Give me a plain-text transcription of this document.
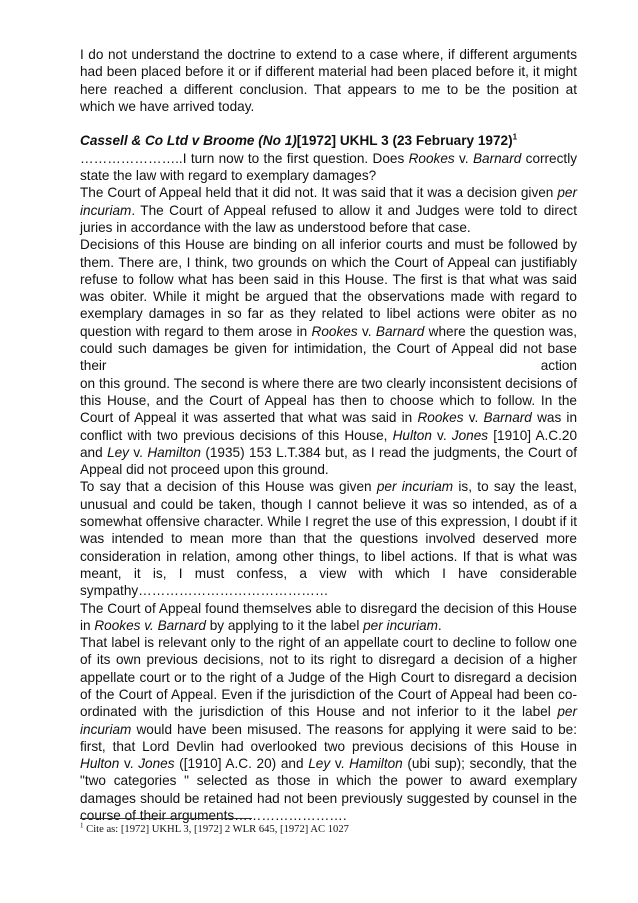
I do not understand the doctrine to extend to a case where, if different arguments had been placed before it or if different material had been placed before it, it might here reached a different conclusion. That appears to me to be the position at which we have arrived today.

Cassell & Co Ltd v Broome (No 1)[1972] UKHL 3 (23 February 1972)$^1$

…………………..I turn now to the first question. Does Rookes v. Barnard correctly state the law with regard to exemplary damages?

The Court of Appeal held that it did not. It was said that it was a decision given per incuriam. The Court of Appeal refused to allow it and Judges were told to direct juries in accordance with the law as understood before that case.

Decisions of this House are binding on all inferior courts and must be followed by them. There are, I think, two grounds on which the Court of Appeal can justifiably refuse to follow what has been said in this House. The first is that what was said was obiter. While it might be argued that the observations made with regard to exemplary damages in so far as they related to libel actions were obiter as no question with regard to them arose in Rookes v. Barnard where the question was, could such damages be given for intimidation, the Court of Appeal did not base their action

on this ground. The second is where there are two clearly inconsistent decisions of this House, and the Court of Appeal has then to choose which to follow. In the Court of Appeal it was asserted that what was said in Rookes v. Barnard was in conflict with two previous decisions of this House, Hulton v. Jones [1910] A.C.20 and Ley v. Hamilton (1935) 153 L.T.384 but, as I read the judgments, the Court of Appeal did not proceed upon this ground.

To say that a decision of this House was given per incuriam is, to say the least, unusual and could be taken, though I cannot believe it was so intended, as of a somewhat offensive character. While I regret the use of this expression, I doubt if it was intended to mean more than that the questions involved deserved more consideration in relation, among other things, to libel actions. If that is what was meant, it is, I must confess, a view with which I have considerable sympathy……………………………………

The Court of Appeal found themselves able to disregard the decision of this House in Rookes v. Barnard by applying to it the label per incuriam.

That label is relevant only to the right of an appellate court to decline to follow one of its own previous decisions, not to its right to disregard a decision of a higher appellate court or to the right of a Judge of the High Court to disregard a decision of the Court of Appeal. Even if the jurisdiction of the Court of Appeal had been co-ordinated with the jurisdiction of this House and not inferior to it the label per incuriam would have been misused. The reasons for applying it were said to be: first, that Lord Devlin had overlooked two previous decisions of this House in Hulton v. Jones ([1910] A.C. 20) and Ley v. Hamilton (ubi sup); secondly, that the "two categories " selected as those in which the power to award exemplary damages should be retained had not been previously suggested by counsel in the course of their arguments…………………….

$^1$ Cite as: [1972] UKHL 3, [1972] 2 WLR 645, [1972] AC 1027
